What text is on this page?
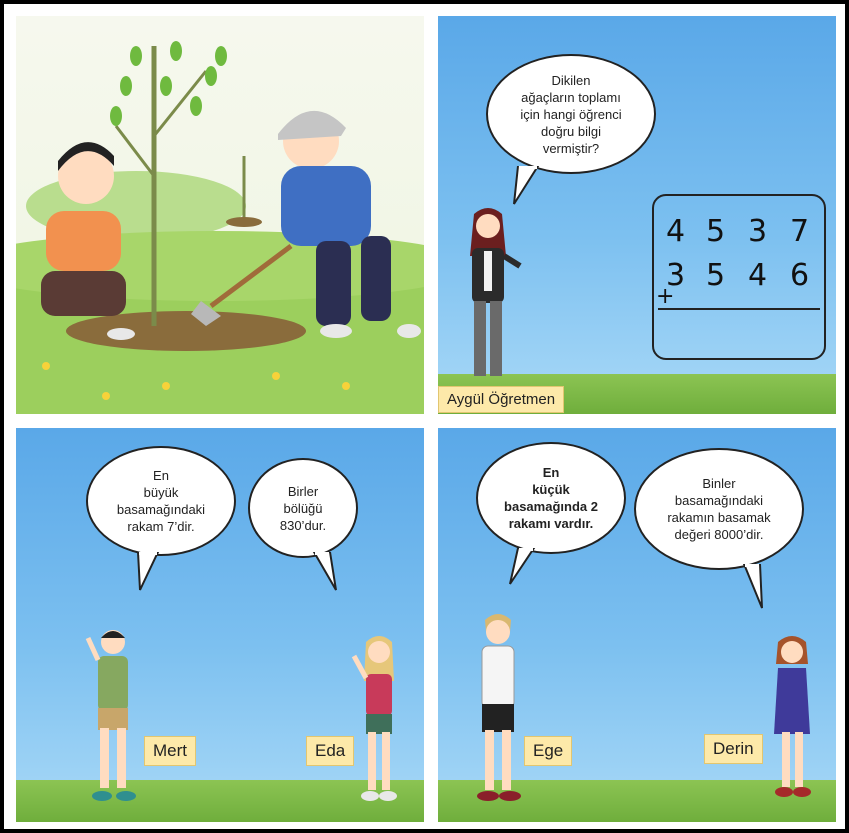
Dikilen
ağaçların toplamı
için hangi öğrenci
doğru bilgi
vermiştir?
4 5 3 7
3 5 4 6
+
Aygül Öğretmen
En
büyük
basamağındaki
rakam 7’dir.
Birler
bölüğü
830’dur.
Mert	Eda
En
küçük
basamağında 2
rakamı vardır.
Binler
basamağındaki
rakamın basamak
değeri 8000’dir.
Ege	Derin
